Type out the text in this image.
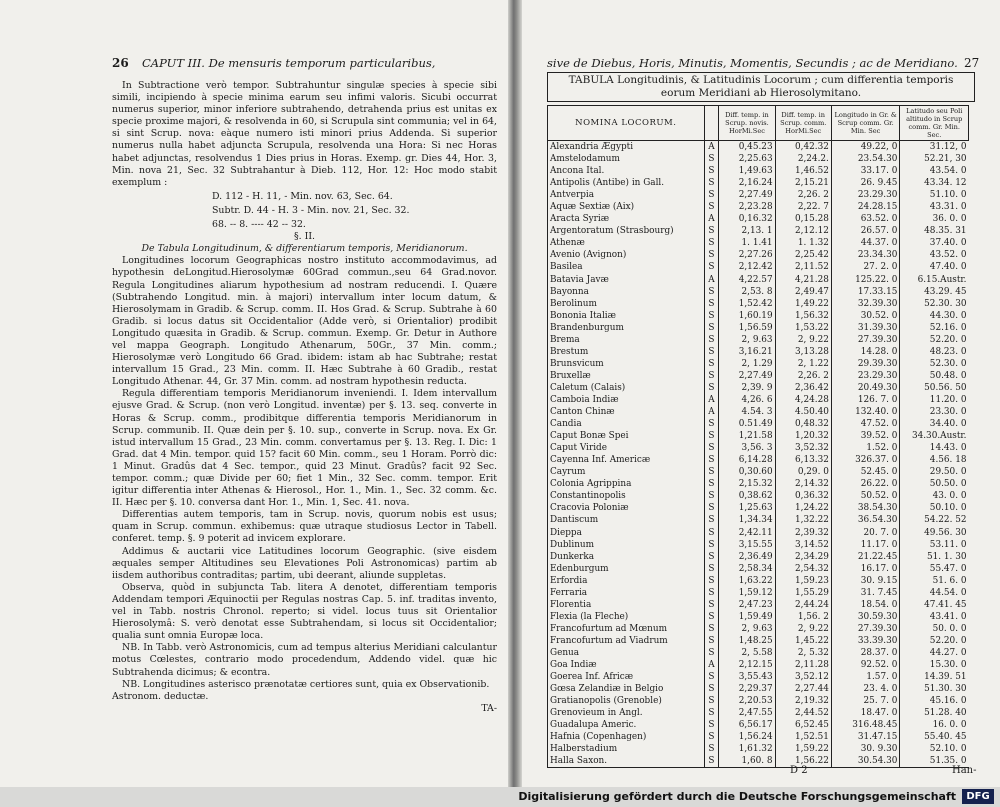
26 CAPUT III. De mensuris temporum particularibus,

In Subtractione verò tempor. Subtrahuntur singulæ species à specie sibi simili, incipiendo à specie minima earum seu infimi valoris. Sicubi occurrat numerus superior, minor inferiore subtrahendo, detrahenda prius est unitas ex specie proxime majori, & resolvenda in 60, si Scrupula sint communia; vel in 64, si sint Scrup. nova: eàque numero isti minori prius Addenda. Si superior numerus nulla habet adjuncta Scrupula, resolvenda una Hora: Si nec Horas habet adjunctas, resolvendus 1 Dies prius in Horas. Exemp. gr. Dies 44, Hor. 3, Min. nova 21, Sec. 32 Subtrahantur à Dieb. 112, Hor. 12: Hoc modo stabit exemplum :

D. 112 - H. 11, - Min. nov. 63, Sec. 64.

Subtr. D. 44 - H. 3 - Min. nov. 21, Sec. 32.

68. -- 8. ---- 42 -- 32.

§. II.

De Tabula Longitudinum, & differentiarum temporis, Meridianorum.

Longitudines locorum Geographicas nostro instituto accommodavimus, ad hypothesin deLongitud.Hierosolymæ 60Grad commun.,seu 64 Grad.novor. Regula Longitudines aliarum hypothesium ad nostram reducendi. I. Quære (Subtrahendo Longitud. min. à majori) intervallum inter locum datum, & Hierosolymam in Gradib. & Scrup. comm. II. Hos Grad. & Scrup. Subtrahe à 60 Gradib. si locus datus sit Occidentalior (Adde verò, si Orientalior) prodibit Longitudo quæsita in Gradib. & Scrup. commun. Exemp. Gr. Detur in Authore vel mappa Geograph. Longitudo Athenarum, 50Gr., 37 Min. comm.; Hierosolymæ verò Longitudo 66 Grad. ibidem: istam ab hac Subtrahe; restat intervallum 15 Grad., 23 Min. comm. II. Hæc Subtrahe à 60 Gradib., restat Longitudo Athenar. 44, Gr. 37 Min. comm. ad nostram hypothesin reducta.

Regula differentiam temporis Meridianorum inveniendi. I. Idem intervallum ejusve Grad. & Scrup. (non verò Longitud. inventæ) per §. 13. seq. converte in Horas & Scrup. comm., prodibitque differentia temporis Meridianorum in Scrup. communib. II. Quæ dein per §. 10. sup., converte in Scrup. nova. Ex Gr. istud intervallum 15 Grad., 23 Min. comm. convertamus per §. 13. Reg. I. Dic: 1 Grad. dat 4 Min. tempor. quid 15? facit 60 Min. comm., seu 1 Horam. Porrò dic: 1 Minut. Gradûs dat 4 Sec. tempor., quid 23 Minut. Gradûs? facit 92 Sec. tempor. comm.; quæ Divide per 60; fiet 1 Min., 32 Sec. comm. tempor. Erit igitur differentia inter Athenas & Hierosol., Hor. 1., Min. 1., Sec. 32 comm. &c. II. Hæc per §. 10. conversa dant Hor. 1., Min. 1, Sec. 41. nova.

Differentias autem temporis, tam in Scrup. novis, quorum nobis est usus; quam in Scrup. commun. exhibemus: quæ utraque studiosus Lector in Tabell. conferet. temp. §. 9 poterit ad invicem explorare.

Addimus & auctarii vice Latitudines locorum Geographic. (sive eisdem æquales semper Altitudines seu Elevationes Poli Astronomicas) partim ab iisdem authoribus contraditas; partim, ubi deerant, aliunde suppletas.

Observa, quòd in subjuncta Tab. litera A denotet, differentiam temporis Addendam tempori Æquinoctii per Regulas nostras Cap. 5. inf. traditas invento, vel in Tabb. nostris Chronol. reperto; si videl. locus tuus sit Orientalior Hierosolymâ: S. verò denotat esse Subtrahendam, si locus sit Occidentalior; qualia sunt omnia Europæ loca.

NB. In Tabb. verò Astronomicis, cum ad tempus alterius Meridiani calculantur motus Cœlestes, contrario modo procedendum, Addendo videl. quæ hic Subtrahenda dicimus; & econtra.

NB. Longitudines asterisco prænotatæ certiores sunt, quia ex Observationib. Astronom. deductæ.

TA-

sive de Diebus, Horis, Minutis, Momentis, Secundis ; ac de Meridiano. 27
TABULA Longitudinis, & Latitudinis Locorum ; cum differentia temporis eorum Meridiani ab Hierosolymitano.
NOMINA LOCORUM.		Diff. temp. in Scrup. novis. HorMi.Sec	Diff. temp. in Scrup. comm. HorMi.Sec	Longitudo in Gr. & Scrup comm. Gr. Min. Sec	Latitudo seu Poli altitudo in Scrup comm. Gr. Min. Sec.
Alexandria Ægypti	A	0,45.23	0,42.32	49.22, 0	31.12, 0
Amstelodamum	S	2,25.63	2,24.2.	23.54.30	52.21, 30
Ancona Ital.	S	1,49.63	1,46.52	33.17. 0	43.54. 0
Antipolis (Antibe) in Gall.	S	2,16.24	2,15.21	26. 9.45	43.34. 12
Antverpia	S	2,27.49	2,26. 2	23.29.30	51.10. 0
Aquæ Sextiæ (Aix)	S	2,23.28	2,22. 7	24.28.15	43.31. 0
Aracta Syriæ	A	0,16.32	0,15.28	63.52. 0	36. 0. 0
Argentoratum (Strasbourg)	S	2,13. 1	2,12.12	26.57. 0	48.35. 31
Athenæ	S	1. 1.41	1. 1.32	44.37. 0	37.40. 0
Avenio (Avignon)	S	2,27.26	2,25.42	23.34.30	43.52. 0
Basilea	S	2,12.42	2,11.52	27. 2. 0	47.40. 0
Batavia Javæ	A	4,22.57	4,21.28	125.22. 0	6.15.Austr.
Bayonna	S	2,53. 8	2,49.47	17.33.15	43.29. 45
Berolinum	S	1,52.42	1,49.22	32.39.30	52.30. 30
Bononia Italiæ	S	1,60.19	1,56.32	30.52. 0	44.30. 0
Brandenburgum	S	1,56.59	1,53.22	31.39.30	52.16. 0
Brema	S	2, 9.63	2, 9.22	27.39.30	52.20. 0
Brestum	S	3,16.21	3,13.28	14.28. 0	48.23. 0
Brunsvicum	S	2, 1.29	2, 1.22	29.39.30	52.30. 0
Bruxellæ	S	2,27.49	2,26. 2	23.29.30	50.48. 0
Caletum (Calais)	S	2,39. 9	2,36.42	20.49.30	50.56. 50
Camboia Indiæ	A	4,26. 6	4,24.28	126. 7. 0	11.20. 0
Canton Chinæ	A	4.54. 3	4.50.40	132.40. 0	23.30. 0
Candia	S	0.51.49	0,48.32	47.52. 0	34.40. 0
Caput Bonæ Spei	S	1,21.58	1,20.32	39.52. 0	34.30.Austr.
Caput Viride	S	3,56. 3	3,52.32	1.52. 0	14.43. 0
Cayenna Inf. Americæ	S	6,14.28	6,13.32	326.37. 0	4.56. 18
Cayrum	S	0,30.60	0,29. 0	52.45. 0	29.50. 0
Colonia Agrippina	S	2,15.32	2,14.32	26.22. 0	50.50. 0
Constantinopolis	S	0,38.62	0,36.32	50.52. 0	43. 0. 0
Cracovia Poloniæ	S	1,25.63	1,24.22	38.54.30	50.10. 0
Dantiscum	S	1,34.34	1,32.22	36.54.30	54.22. 52
Dieppa	S	2,42.11	2,39.32	20. 7. 0	49.56. 30
Dublinum	S	3,15.55	3,14.52	11.17. 0	53.11. 0
Dunkerka	S	2,36.49	2,34.29	21.22.45	51. 1. 30
Edenburgum	S	2,58.34	2,54.32	16.17. 0	55.47. 0
Erfordia	S	1,63.22	1,59.23	30. 9.15	51. 6. 0
Ferraria	S	1,59.12	1,55.29	31. 7.45	44.54. 0
Florentia	S	2,47.23	2,44.24	18.54. 0	47.41. 45
Flexia (la Fleche)	S	1,59.49	1,56. 2	30.59.30	43.41. 0
Francofurtum ad Mœnum	S	2, 9.63	2, 9.22	27.39.30	50. 0. 0
Francofurtum ad Viadrum	S	1,48.25	1,45.22	33.39.30	52.20. 0
Genua	S	2, 5.58	2, 5.32	28.37. 0	44.27. 0
Goa Indiæ	A	2,12.15	2,11.28	92.52. 0	15.30. 0
Goerea Inf. Africæ	S	3,55.43	3,52.12	1.57. 0	14.39. 51
Gœsa Zelandiæ in Belgio	S	2,29.37	2,27.44	23. 4. 0	51.30. 30
Gratianopolis (Grenoble)	S	2,20.53	2,19.32	25. 7. 0	45.16. 0
Grenovieum in Angl.	S	2,47.55	2,44.52	18.47. 0	51.28. 40
Guadalupa Americ.	S	6,56.17	6,52.45	316.48.45	16. 0. 0
Hafnia (Copenhagen)	S	1,56.24	1,52.51	31.47.15	55.40. 45
Halberstadium	S	1,61.32	1,59.22	30. 9.30	52.10. 0
Halla Saxon.	S	1,60. 8	1,56.22	30.54.30	51.35. 0
D 2	Han-
Digitalisierung gefördert durch die Deutsche Forschungsgemeinschaft	DFG
